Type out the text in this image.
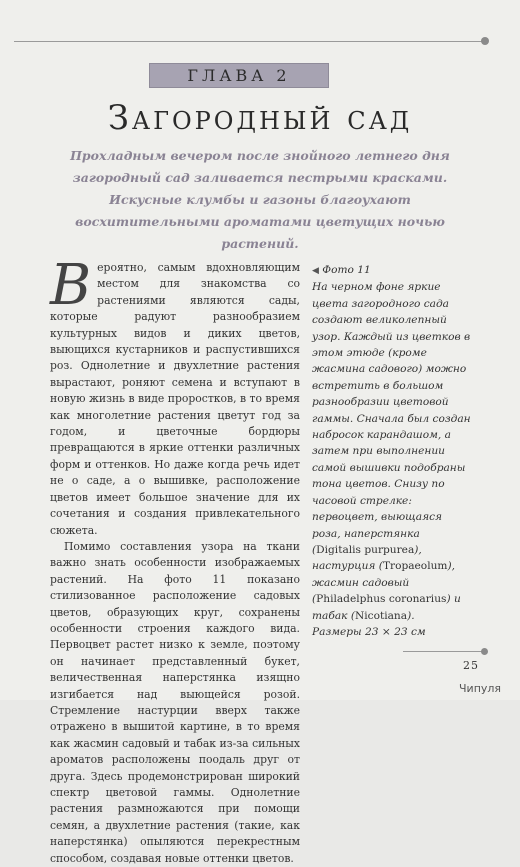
ГЛАВА 2
Загородный сад
Прохладным вечером после знойного летнего дня загородный сад заливается пестрыми красками. Искусные клумбы и газоны благоухают восхитительными ароматами цветущих ночью растений.

Вероятно, самым вдохновляющим местом для знакомства со растениями являются сады, которые радуют разнообразием культурных видов и диких цветов, выющихся кустарников и распустившихся роз. Однолетние и двухлетние растения вырастают, роняют семена и вступают в новую жизнь в виде проростков, в то время как многолетние растения цветут год за годом, и цветочные бордюры превращаются в яркие оттенки различных форм и оттенков. Но даже когда речь идет не о саде, а о вышивке, расположение цветов имеет большое значение для их сочетания и создания привлекательного сюжета.

Помимо составления узора на ткани важно знать особенности изображаемых растений. На фото 11 показано стилизованное расположение садовых цветов, образующих круг, сохранены особенности строения каждого вида. Первоцвет растет низко к земле, поэтому он начинает представленный букет, величественная наперстянка изящно изгибается над выющейся розой. Стремление настурции вверх также отражено в вышитой картине, в то время как жасмин садовый и табак из-за сильных ароматов расположены поодаль друг от друга. Здесь продемонстрирован широкий спектр цветовой гаммы. Однолетние растения размножаются при помощи семян, а двухлетние растения (такие, как наперстянка) опыляются перекрестным способом, создавая новые оттенки цветов.

◀ Фото 11
На черном фоне яркие цвета загородного сада создают великолепный узор. Каждый из цветков в этом этюде (кроме жасмина садового) можно встретить в большом разнообразии цветовой гаммы. Сначала был создан набросок карандашом, а затем при выполнении самой вышивки подобраны тона цветов. Снизу по часовой стрелке: первоцвет, выющаяся роза, наперстянка (Digitalis purpurea), настурция (Tropaeolum), жасмин садовый (Philadelphus coronarius) и табак (Nicotiana).
Размеры 23 × 23 см
25
Чипуля
